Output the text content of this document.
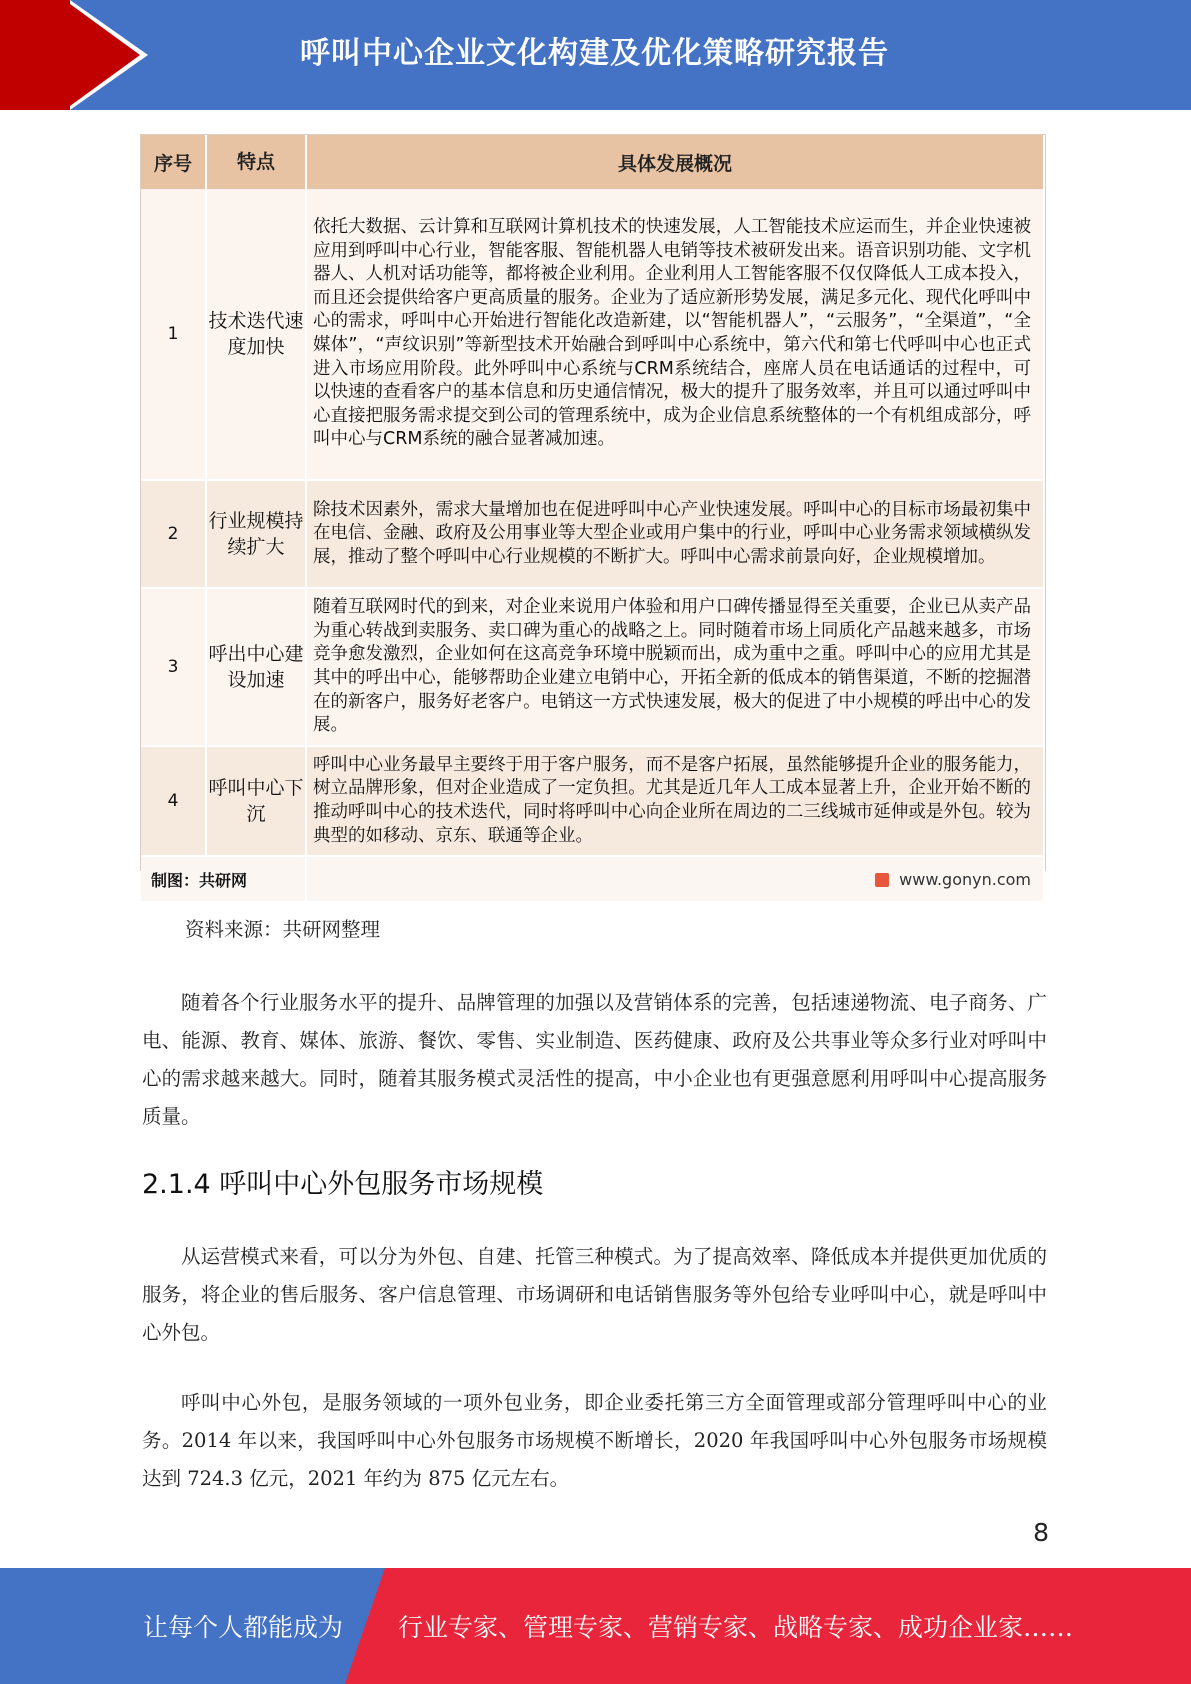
呼叫中心企业文化构建及优化策略研究报告
序号	特点	具体发展概况
1	技术迭代速度加快	依托大数据、云计算和互联网计算机技术的快速发展，人工智能技术应运而生，并企业快速被应用到呼叫中心行业，智能客服、智能机器人电销等技术被研发出来。语音识别功能、文字机器人、人机对话功能等，都将被企业利用。企业利用人工智能客服不仅仅降低人工成本投入，而且还会提供给客户更高质量的服务。企业为了适应新形势发展，满足多元化、现代化呼叫中心的需求，呼叫中心开始进行智能化改造新建，以“智能机器人”，“云服务”，“全渠道”，“全媒体”，“声纹识别”等新型技术开始融合到呼叫中心系统中，第六代和第七代呼叫中心也正式进入市场应用阶段。此外呼叫中心系统与CRM系统结合，座席人员在电话通话的过程中，可以快速的查看客户的基本信息和历史通信情况，极大的提升了服务效率，并且可以通过呼叫中心直接把服务需求提交到公司的管理系统中，成为企业信息系统整体的一个有机组成部分，呼叫中心与CRM系统的融合显著减加速。
2	行业规模持续扩大	除技术因素外，需求大量增加也在促进呼叫中心产业快速发展。呼叫中心的目标市场最初集中在电信、金融、政府及公用事业等大型企业或用户集中的行业，呼叫中心业务需求领域横纵发展，推动了整个呼叫中心行业规模的不断扩大。呼叫中心需求前景向好，企业规模增加。
3	呼出中心建设加速	随着互联网时代的到来，对企业来说用户体验和用户口碑传播显得至关重要，企业已从卖产品为重心转战到卖服务、卖口碑为重心的战略之上。同时随着市场上同质化产品越来越多，市场竞争愈发激烈，企业如何在这高竞争环境中脱颖而出，成为重中之重。呼叫中心的应用尤其是其中的呼出中心，能够帮助企业建立电销中心，开拓全新的低成本的销售渠道，不断的挖掘潜在的新客户，服务好老客户。电销这一方式快速发展，极大的促进了中小规模的呼出中心的发展。
4	呼叫中心下沉	呼叫中心业务最早主要终于用于客户服务，而不是客户拓展，虽然能够提升企业的服务能力，树立品牌形象，但对企业造成了一定负担。尤其是近几年人工成本显著上升，企业开始不断的推动呼叫中心的技术迭代，同时将呼叫中心向企业所在周边的二三线城市延伸或是外包。较为典型的如移动、京东、联通等企业。
制图：共研网		www.gonyn.com
资料来源：共研网整理
随着各个行业服务水平的提升、品牌管理的加强以及营销体系的完善，包括速递物流、电子商务、广电、能源、教育、媒体、旅游、餐饮、零售、实业制造、医药健康、政府及公共事业等众多行业对呼叫中心的需求越来越大。同时，随着其服务模式灵活性的提高，中小企业也有更强意愿利用呼叫中心提高服务质量。
2.1.4 呼叫中心外包服务市场规模
从运营模式来看，可以分为外包、自建、托管三种模式。为了提高效率、降低成本并提供更加优质的服务，将企业的售后服务、客户信息管理、市场调研和电话销售服务等外包给专业呼叫中心，就是呼叫中心外包。
呼叫中心外包，是服务领域的一项外包业务，即企业委托第三方全面管理或部分管理呼叫中心的业务。2014 年以来，我国呼叫中心外包服务市场规模不断增长，2020 年我国呼叫中心外包服务市场规模达到 724.3 亿元，2021 年约为 875 亿元左右。
8
让每个人都能成为 行业专家、管理专家、营销专家、战略专家、成功企业家……
